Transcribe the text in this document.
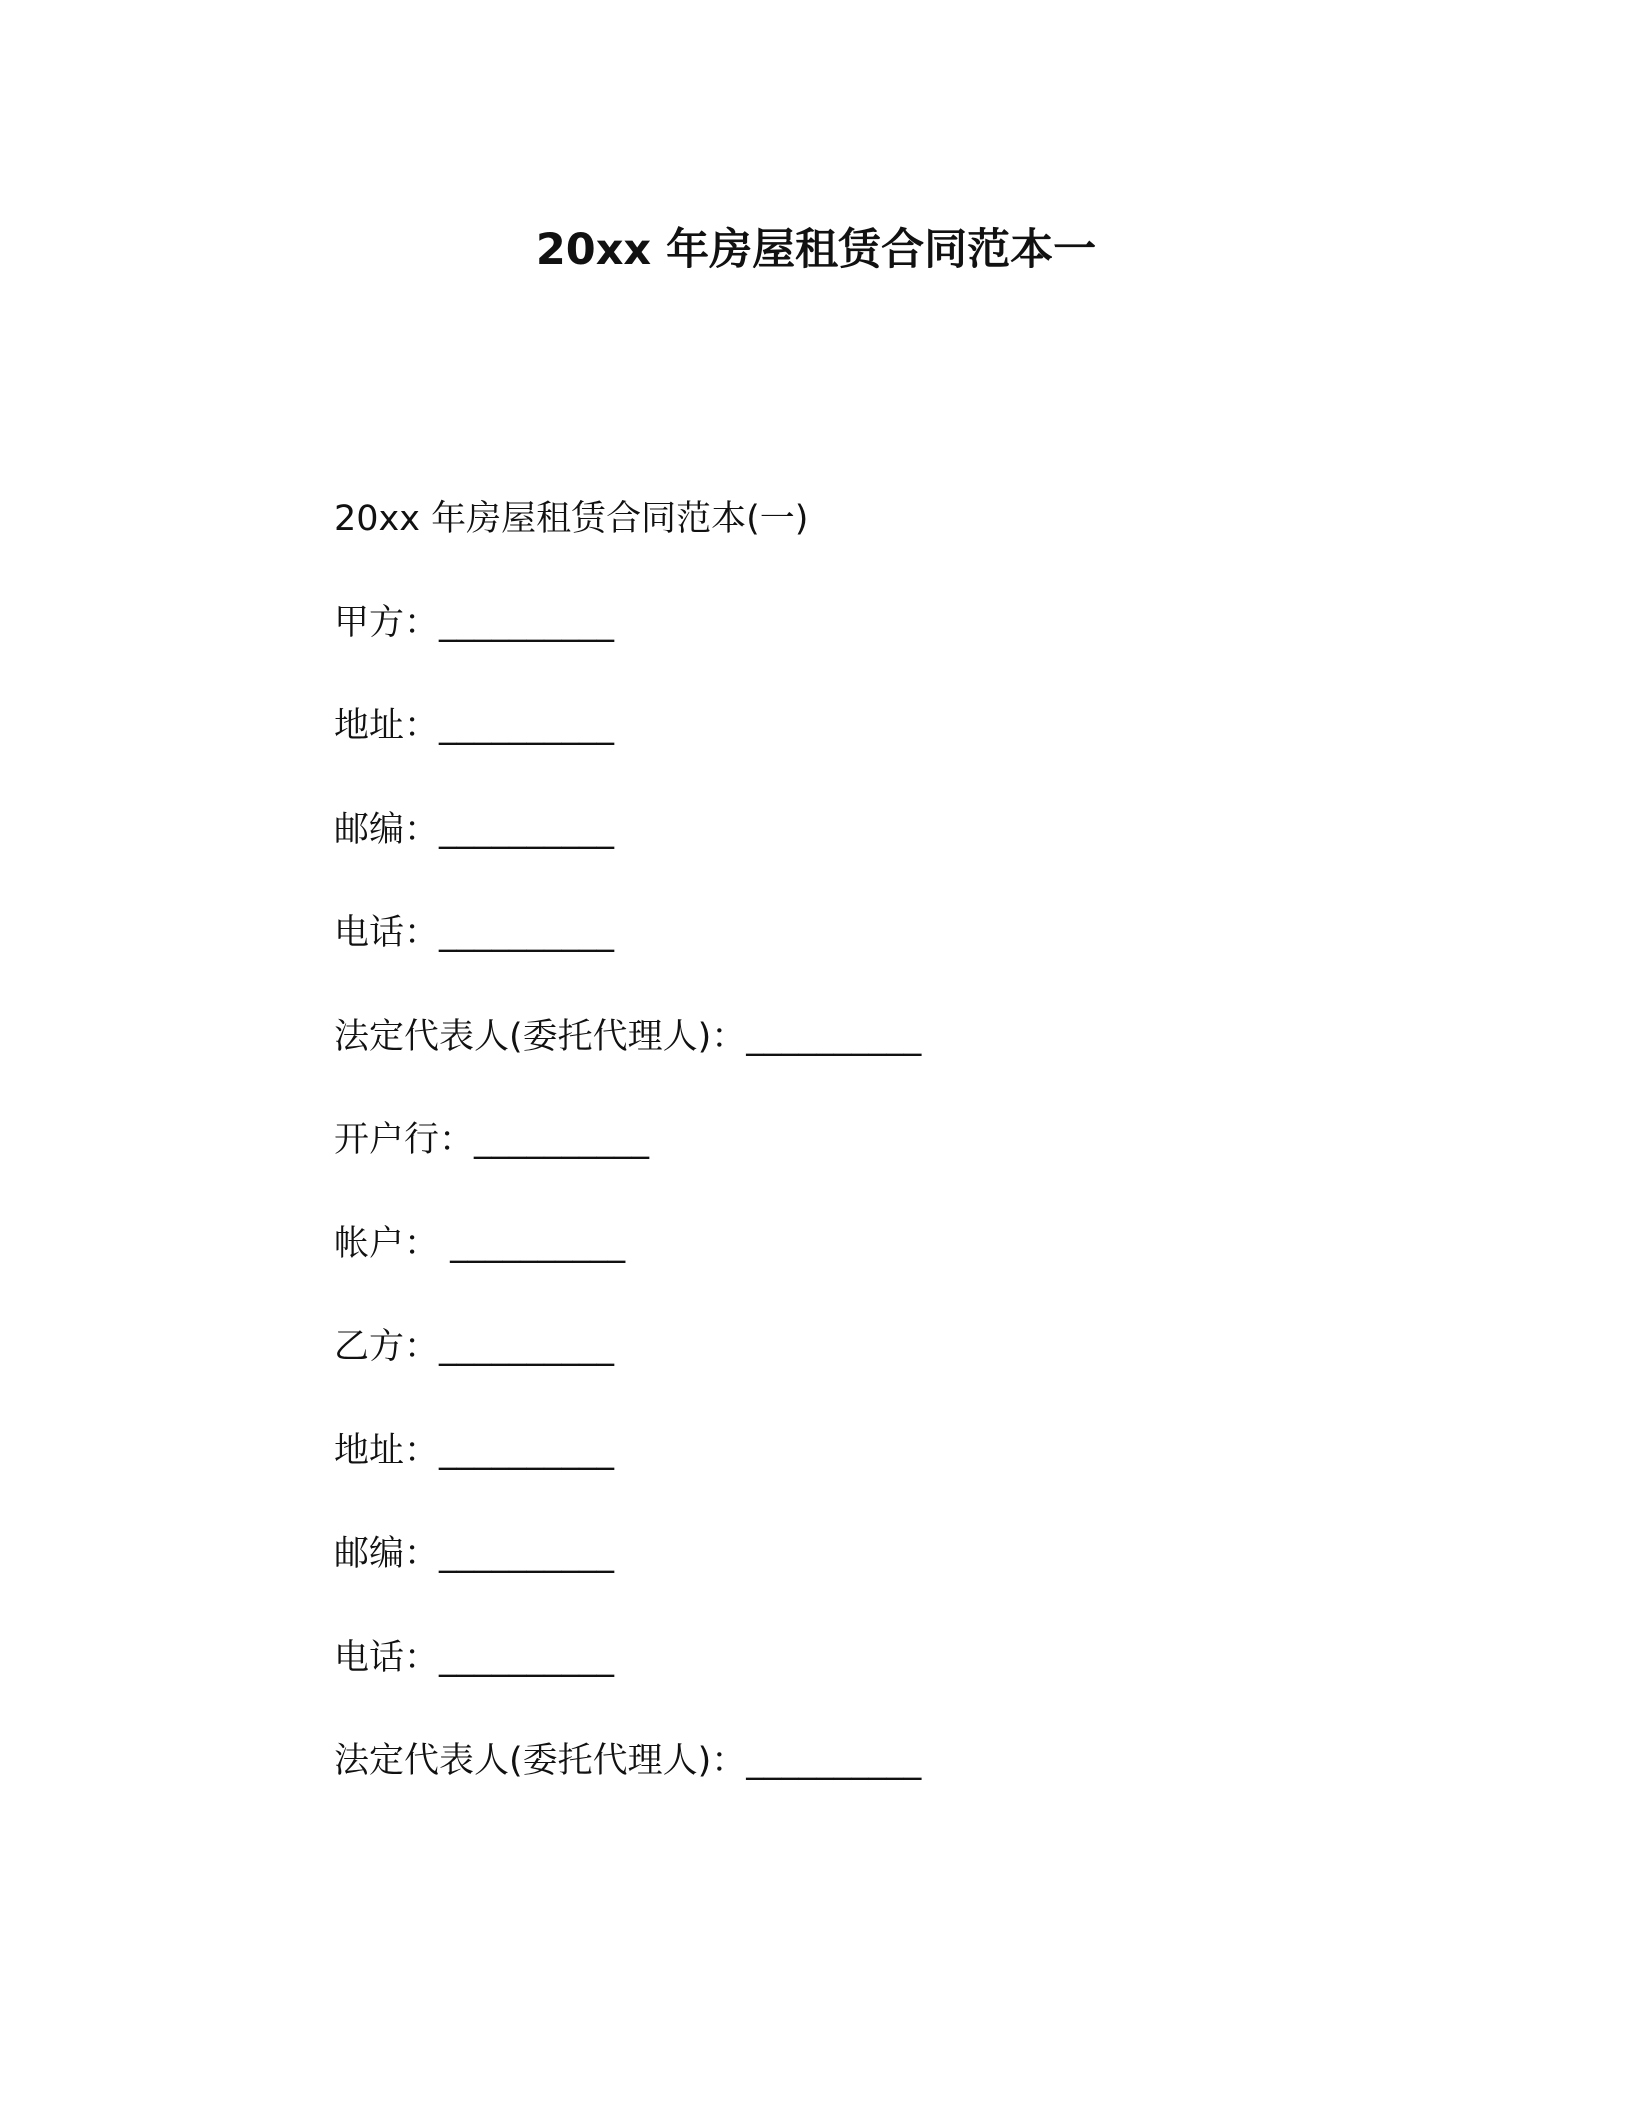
20xx 年房屋租赁合同范本一
20xx 年房屋租赁合同范本(一)
甲方：__________
地址：__________
邮编：__________
电话：__________
法定代表人(委托代理人)：__________
开户行：__________
帐户： __________
乙方：__________
地址：__________
邮编：__________
电话：__________
法定代表人(委托代理人)：__________
